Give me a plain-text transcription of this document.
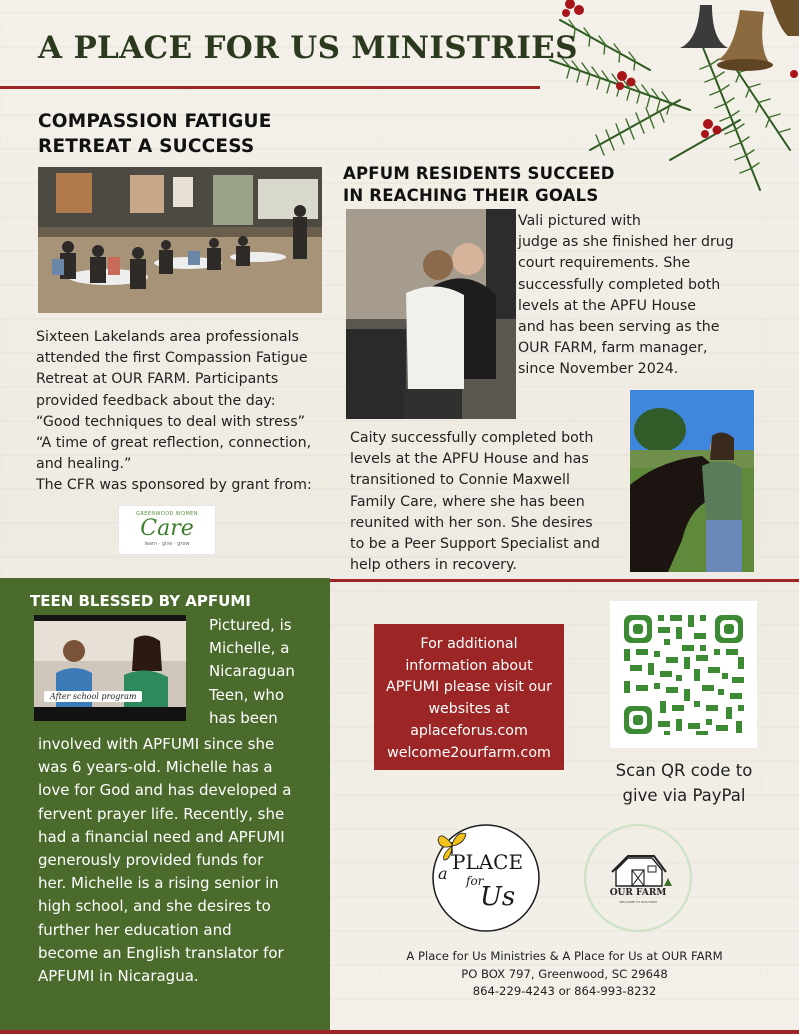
A PLACE FOR US MINISTRIES
COMPASSION FATIGUE
RETREAT A SUCCESS

Sixteen Lakelands area professionals

attended the first Compassion Fatigue

Retreat at OUR FARM. Participants

provided feedback about the day:

“Good techniques to deal with stress”

“A time of great reflection, connection,

and healing.”

The CFR was sponsored by grant from:

GREENWOOD WOMEN
Care
learn · give · grow
APFUM RESIDENTS SUCCEED
IN REACHING THEIR GOALS

Vali pictured with

judge as she finished her drug

court requirements. She

successfully completed both

levels at the APFU House

and has been serving as the

OUR FARM, farm manager,

since November 2024.

Caity successfully completed both

levels at the APFU House and has

transitioned to Connie Maxwell

Family Care, where she has been

reunited with her son. She desires

to be a Peer Support Specialist and

help others in recovery.

TEEN BLESSED BY APFUMI
After school program

Pictured, is

Michelle, a

Nicaraguan

Teen, who

has been

involved with APFUMI since she

was 6 years-old. Michelle has a

love for God and has developed a

fervent prayer life. Recently, she

had a financial need and APFUMI

generously provided funds for

her. Michelle is a rising senior in

high school, and she desires to

further her education and

become an English translator for

APFUMI in Nicaragua.

For additional
information about
APFUMI please visit our
websites at
aplaceforus.com
welcome2ourfarm.com
Scan QR code to
give via PayPal
a PLACE
for
Us	OUR FARM
WELCOME TO OUR FARM
A Place for Us Ministries & A Place for Us at OUR FARM
PO BOX 797, Greenwood, SC 29648
864-229-4243 or 864-993-8232
